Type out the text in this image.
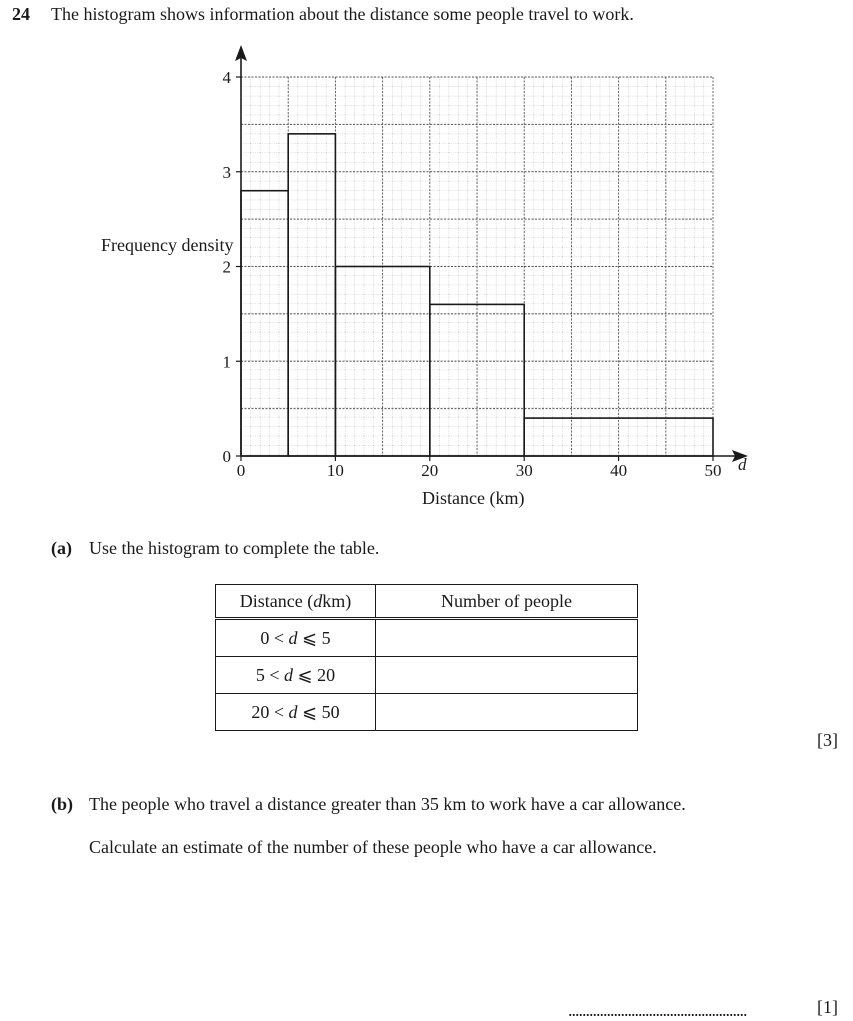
24 The histogram shows information about the distance some people travel to work.
0	10	20	30	40	50
0
1
2
3
4
d
Frequency density
Distance (km)
(a) Use the histogram to complete the table.
Distance (dkm)	Number of people
0 < d ⩽ 5	
5 < d ⩽ 20	
20 < d ⩽ 50	
[3]
(b) The people who travel a distance greater than 35 km to work have a car allowance.
Calculate an estimate of the number of these people who have a car allowance.
...................................................	[1]
